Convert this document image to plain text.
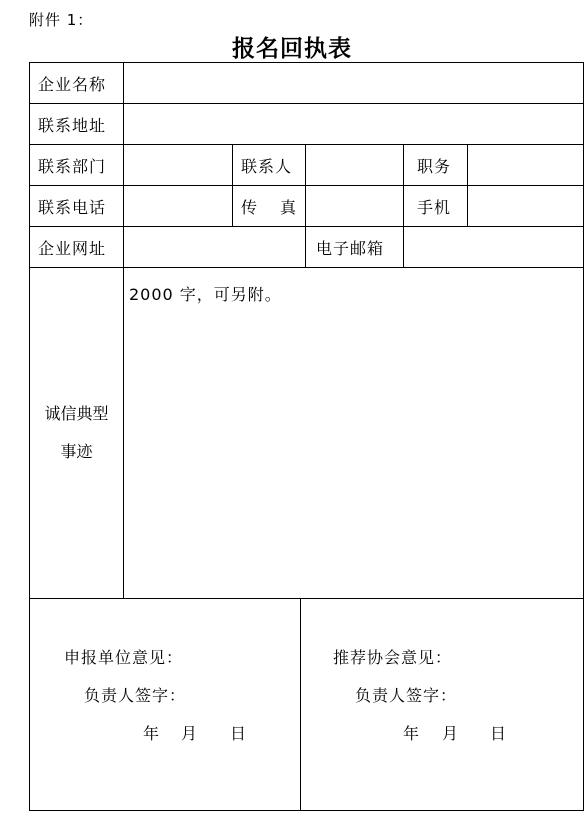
附件 1：
报名回执表
企业名称
联系地址
联系部门	联系人	职务
联系电话	传 真	手机
企业网址	电子邮箱
诚信典型
事迹
2000 字，可另附。
申报单位意见：
负责人签字：
年 月 日
推荐协会意见：
负责人签字：
年 月 日
